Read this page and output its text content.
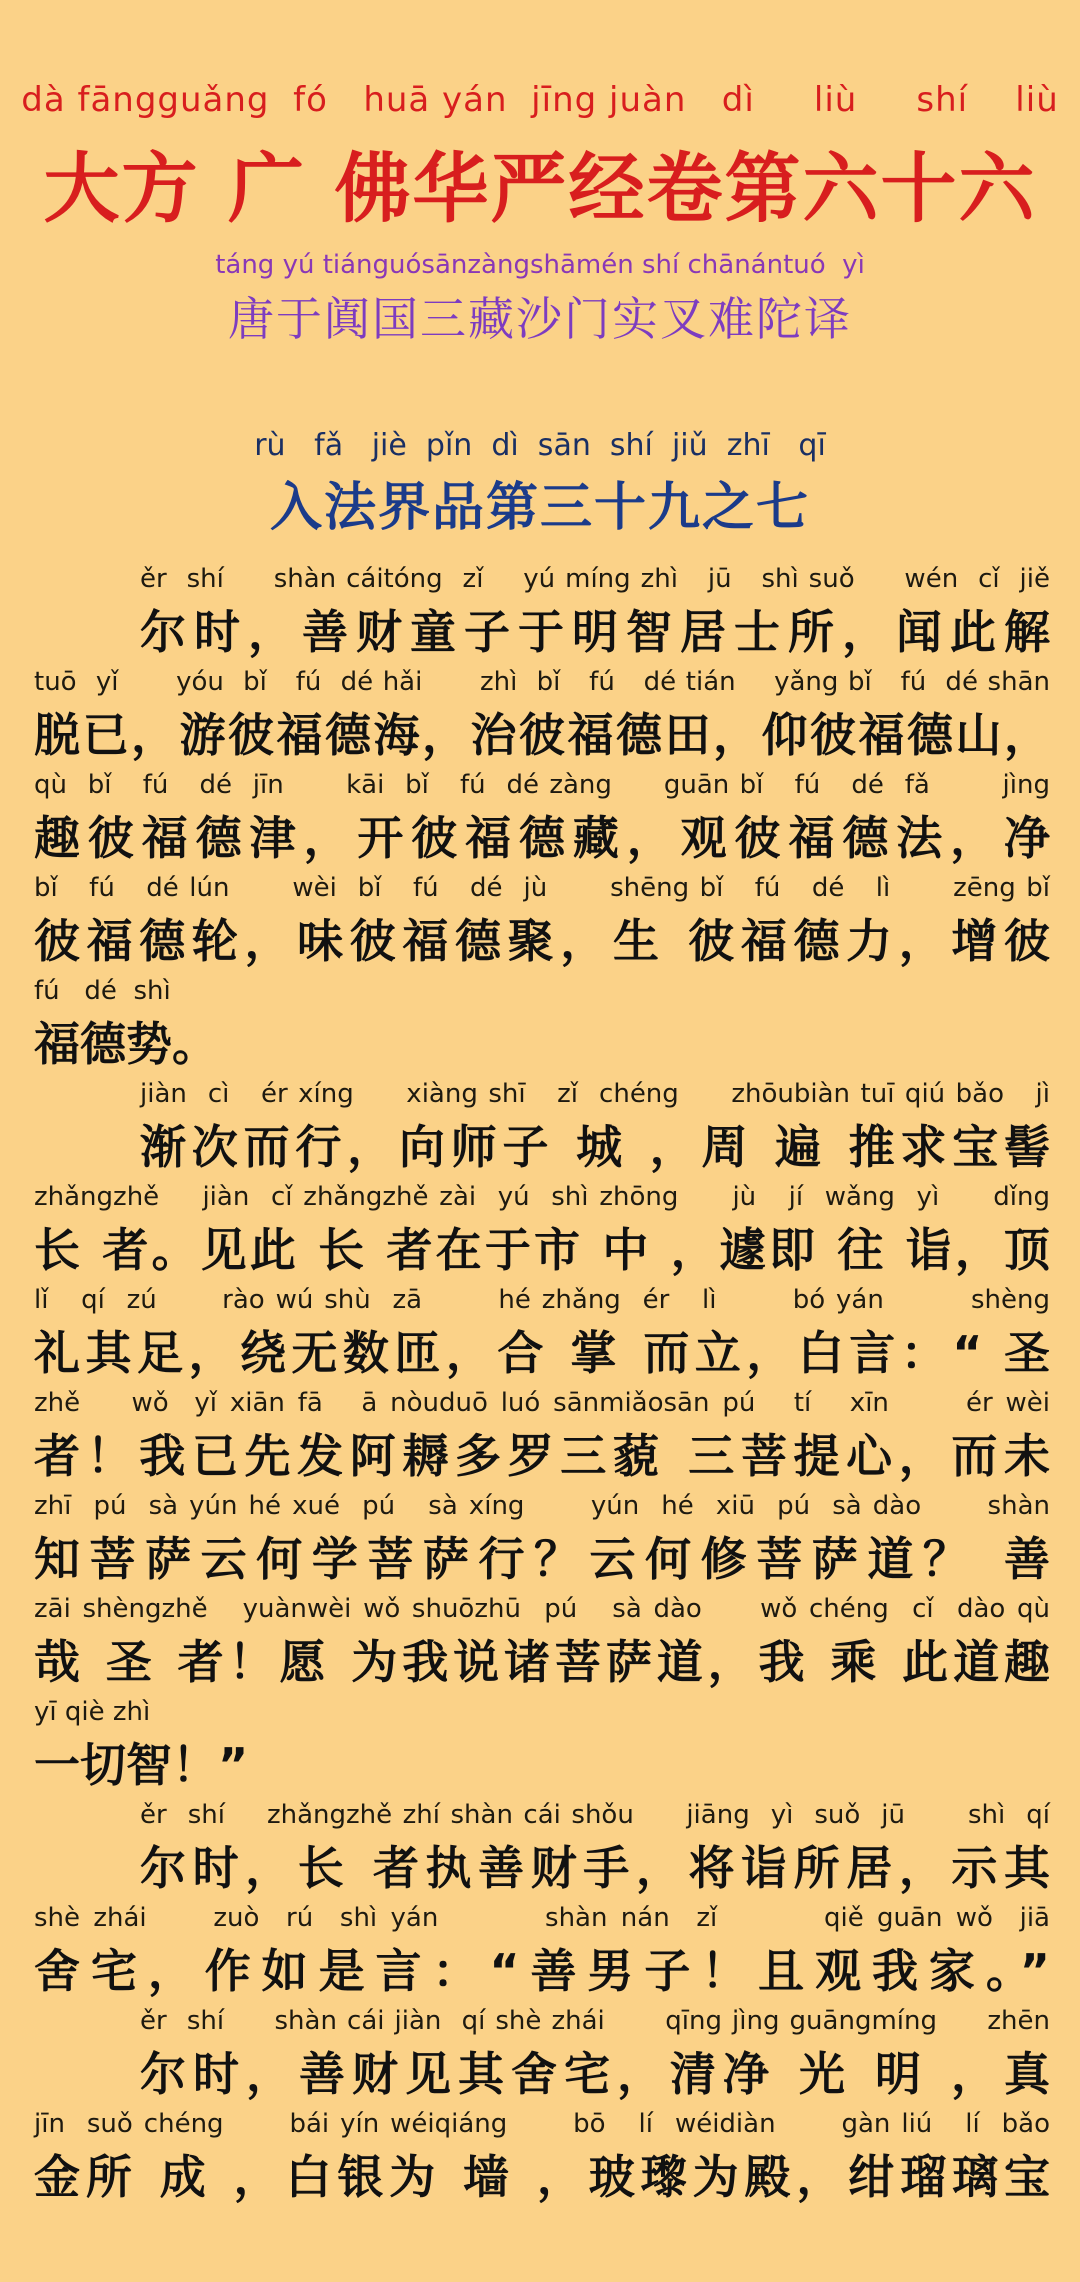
dà fāngguǎng  fó   huā yán  jīng juàn   dì     liù     shí    liù
大方 广 佛华严经卷第六十六
táng yú tiánguósānzàngshāmén shí chānántuó  yì
唐于阗国三藏沙门实叉难陀译
rù   fǎ   jiè  pǐn  dì  sān  shí  jiǔ  zhī   qī
入法界品第三十九之七
ěr  shí     shàn cáitóng  zǐ    yú míng zhì   jū   shì suǒ     wén  cǐ  jiě
尔时，善财童子于明智居士所，闻此解
tuō  yǐ      yóu  bǐ   fú  dé hǎi      zhì  bǐ   fú   dé tián    yǎng bǐ   fú  dé shān
脱已，游彼福德海，治彼福德田，仰彼福德山，
qù  bǐ   fú   dé  jīn      kāi  bǐ   fú  dé zàng     guān bǐ   fú   dé  fǎ       jìng
趣彼福德津，开彼福德藏，观彼福德法，净
bǐ   fú   dé lún      wèi  bǐ   fú   dé  jù      shēng bǐ   fú   dé   lì      zēng bǐ
彼福德轮，味彼福德聚，生 彼福德力，增彼
fú   dé  shì
福德势。
jiàn  cì   ér xíng     xiàng shī   zǐ  chéng     zhōubiàn tuī qiú bǎo   jì
渐次而行，向师子 城 ，周 遍 推求宝髻
zhǎngzhě    jiàn  cǐ zhǎngzhě zài  yú  shì zhōng     jù   jí  wǎng  yì     dǐng
长 者。见此 长 者在于市 中 ，遽即 往 诣，顶
lǐ   qí  zú      rào wú shù  zā       hé zhǎng  ér   lì       bó yán        shèng
礼其足，绕无数匝，合 掌 而立，白言：“ 圣
zhě    wǒ  yǐ xiān fā   ā nòuduō luó sānmiǎosān pú   tí   xīn      ér wèi
者！我已先发阿耨多罗三藐 三菩提心，而未
zhī  pú  sà yún hé xué  pú   sà xíng      yún  hé  xiū  pú  sà dào      shàn
知菩萨云何学菩萨行？云何修菩萨道？ 善
zāi shèngzhě   yuànwèi wǒ shuōzhū  pú   sà dào     wǒ chéng  cǐ  dào qù
哉 圣 者！愿 为我说诸菩萨道，我 乘 此道趣
yī qiè zhì
一切智！”
ěr  shí    zhǎngzhě zhí shàn cái shǒu     jiāng  yì  suǒ  jū      shì  qí
尔时，长 者执善财手，将诣所居，示其
shè zhái     zuò  rú  shì yán        shàn nán  zǐ        qiě guān wǒ  jiā
舍宅，作如是言：“善男子！且观我家。”
ěr  shí     shàn cái jiàn  qí shè zhái      qīng jìng guāngmíng     zhēn
尔时，善财见其舍宅，清净 光 明 ，真
jīn  suǒ chéng      bái yín wéiqiáng      bō   lí  wéidiàn      gàn liú   lí  bǎo
金所 成 ，白银为 墙 ，玻瓈为殿，绀瑠璃宝
